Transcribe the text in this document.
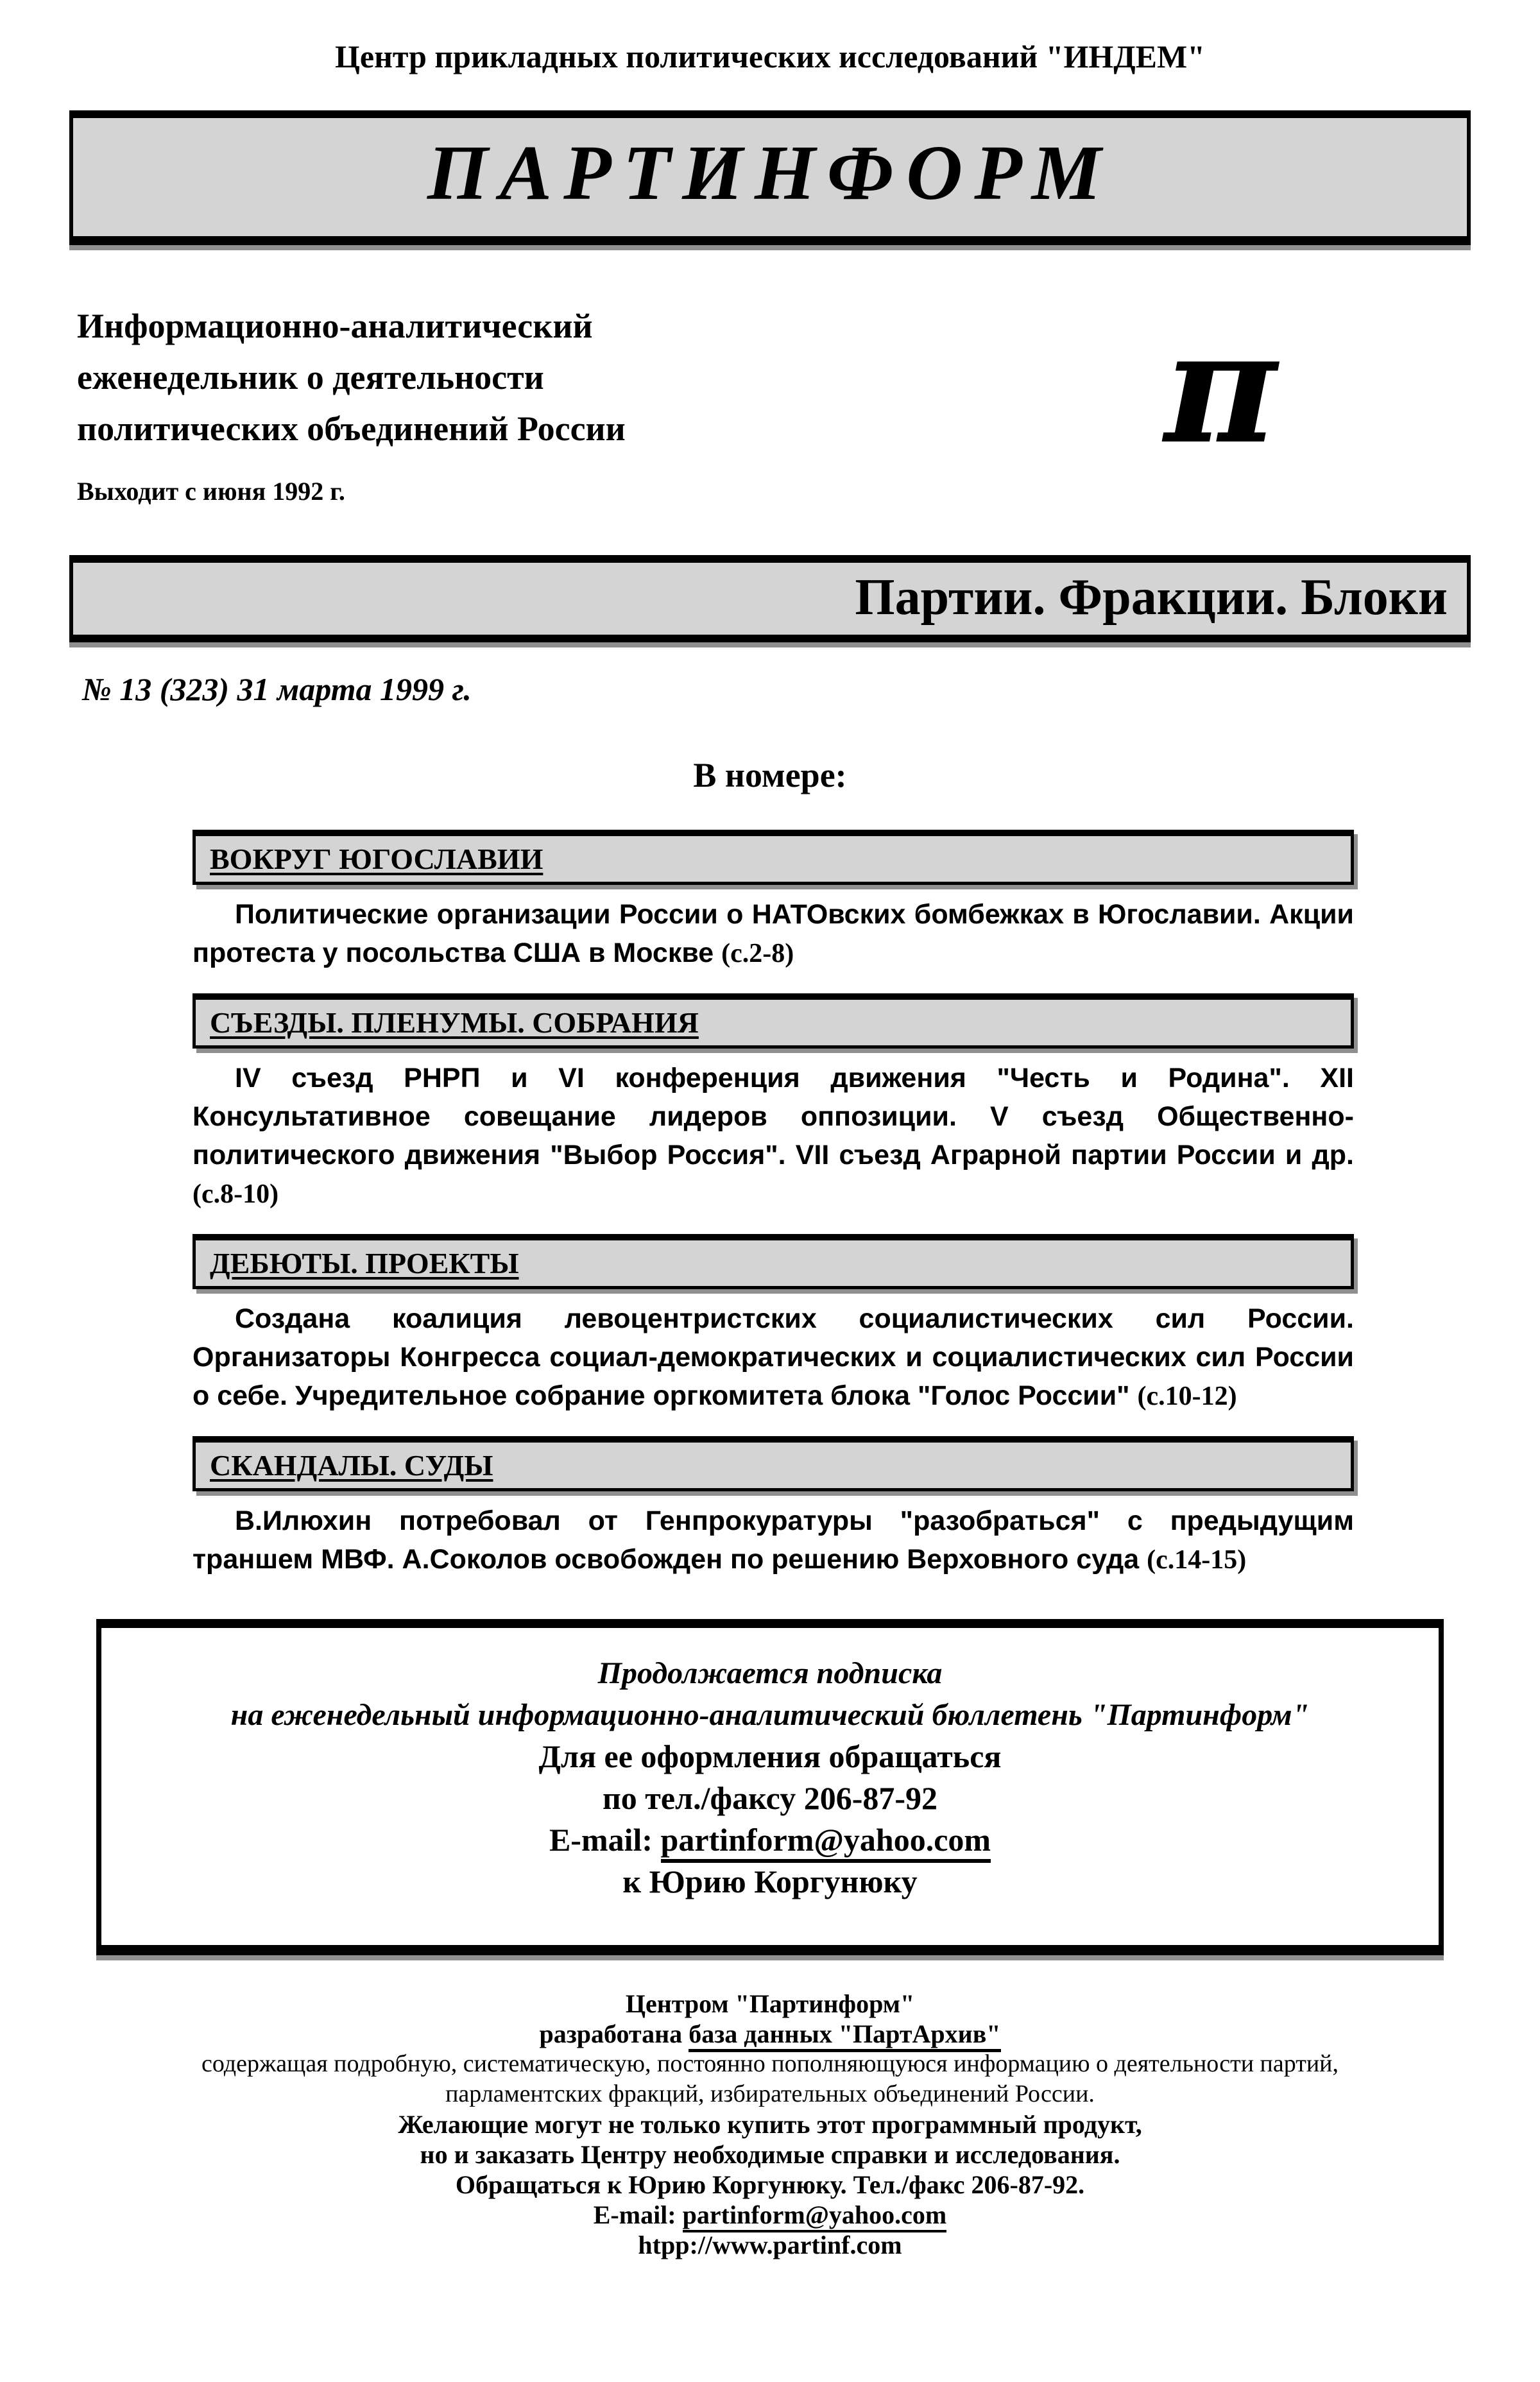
Центр прикладных политических исследований "ИНДЕМ"
ПАРТИНФОРМ
Информационно-аналитический
еженедельник о деятельности
политических объединений России	π
Выходит с июня 1992 г.
Партии. Фракции. Блоки
№ 13 (323) 31 марта 1999 г.
В номере:
ВОКРУГ ЮГОСЛАВИИ

Политические организации России о НАТОвских бомбежках в Югославии. Акции протеста у посольства США в Москве (с.2-8)

СЪЕЗДЫ. ПЛЕНУМЫ. СОБРАНИЯ

IV съезд РНРП и VI конференция движения "Честь и Родина". XII Консультативное совещание лидеров оппозиции. V съезд Общественно-политического движения "Выбор Россия". VII съезд Аграрной партии России и др. (с.8-10)

ДЕБЮТЫ. ПРОЕКТЫ

Создана коалиция левоцентристских социалистических сил России. Организаторы Конгресса социал-демократических и социалистических сил России о себе. Учредительное собрание оргкомитета блока "Голос России" (с.10-12)

СКАНДАЛЫ. СУДЫ

В.Илюхин потребовал от Генпрокуратуры "разобраться" с предыдущим траншем МВФ. А.Соколов освобожден по решению Верховного суда (с.14-15)

Продолжается подписка
на еженедельный информационно-аналитический бюллетень "Партинформ"
Для ее оформления обращаться
по тел./факсу 206-87-92
E-mail: partinform@yahoo.com
к Юрию Коргунюку
Центром "Партинформ"
разработана база данных "ПартАрхив"
содержащая подробную, систематическую, постоянно пополняющуюся информацию о деятельности партий,
парламентских фракций, избирательных объединений России.
Желающие могут не только купить этот программный продукт,
но и заказать Центру необходимые справки и исследования.
Обращаться к Юрию Коргунюку. Тел./факс 206-87-92.
E-mail: partinform@yahoo.com
htpp://www.partinf.com
